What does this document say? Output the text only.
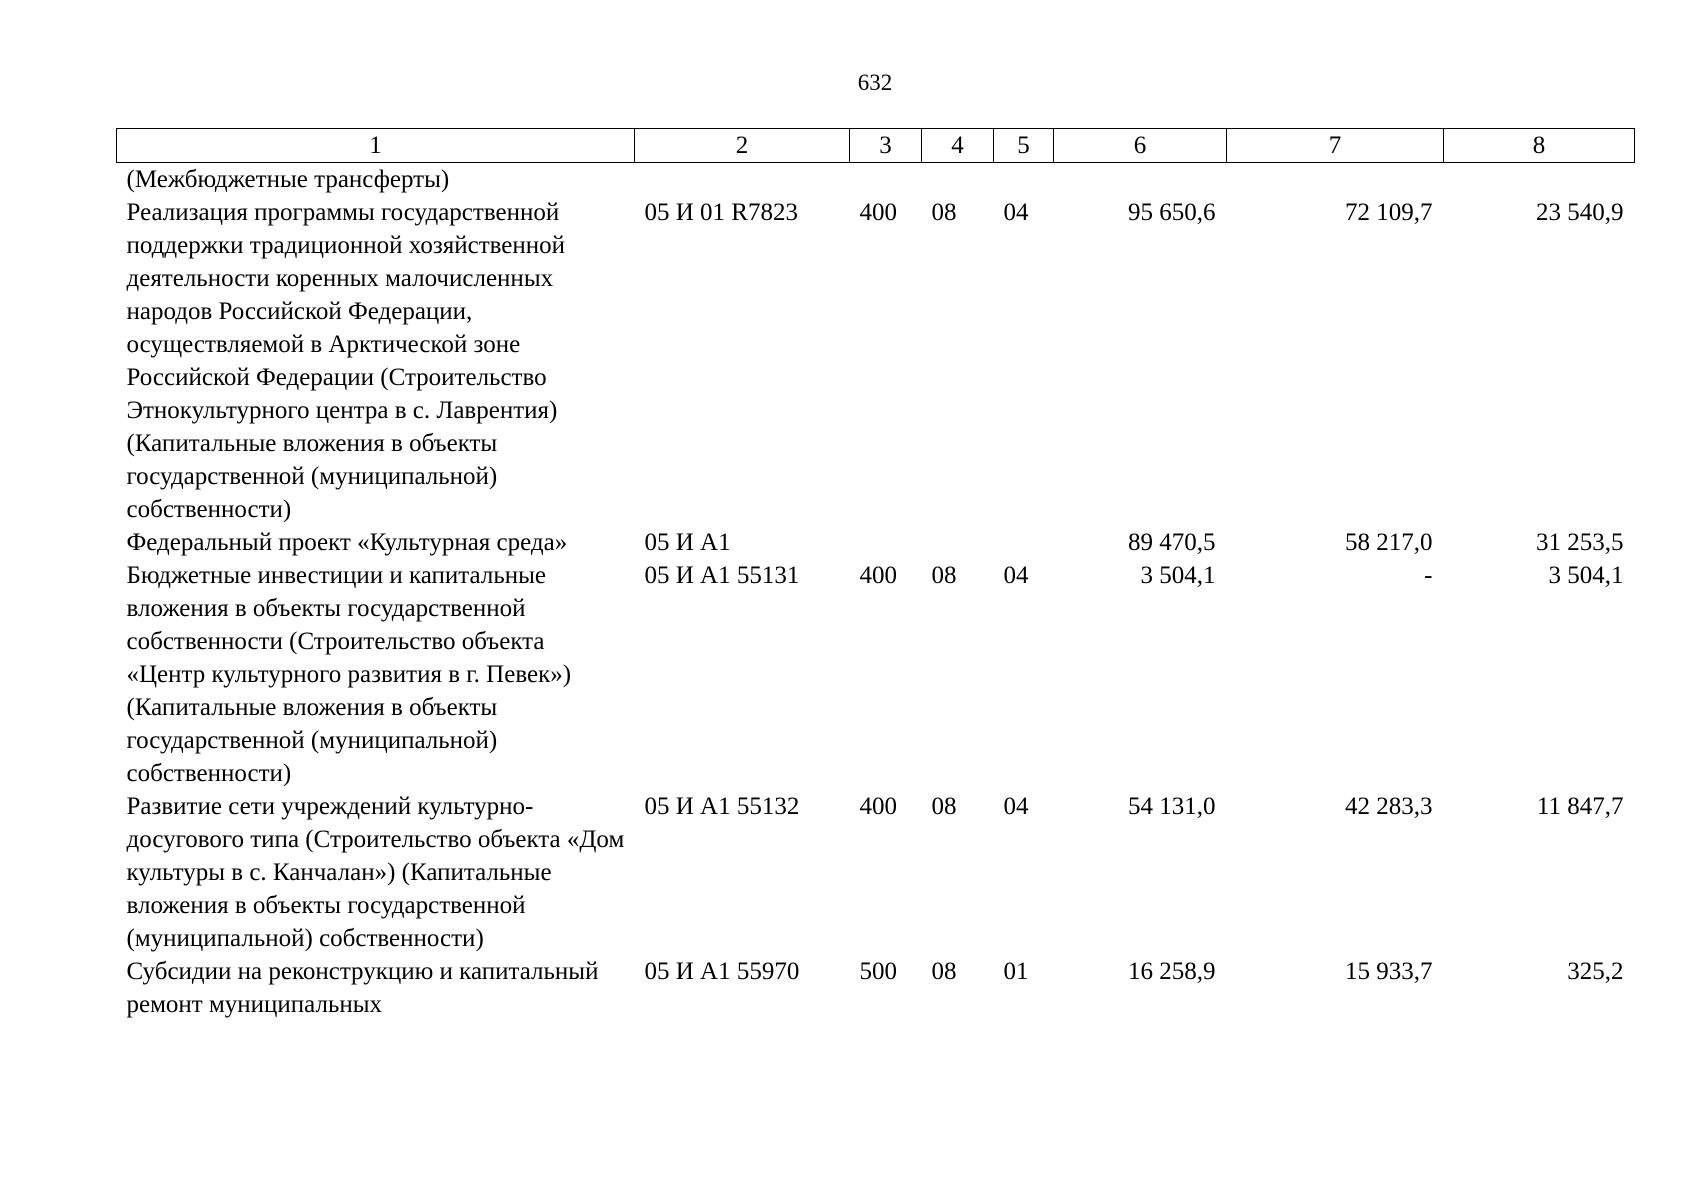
632
1	2	3	4	5	6	7	8
(Межбюджетные трансферты)							
Реализация программы государственной поддержки традиционной хозяйственной деятельности коренных малочисленных народов Российской Федерации, осуществляемой в Арктической зоне Российской Федерации (Строительство Этнокультурного центра в с. Лаврентия) (Капитальные вложения в объекты государственной (муниципальной) собственности)	05 И 01 R7823	400	08	04	95 650,6	72 109,7	23 540,9
Федеральный проект «Культурная среда»	05 И А1				89 470,5	58 217,0	31 253,5
Бюджетные инвестиции и капитальные вложения в объекты государственной собственности (Строительство объекта «Центр культурного развития в г. Певек») (Капитальные вложения в объекты государственной (муниципальной) собственности)	05 И А1 55131	400	08	04	3 504,1	-	3 504,1
Развитие сети учреждений культурно-досугового типа (Строительство объекта «Дом культуры в с. Канчалан») (Капитальные вложения в объекты государственной (муниципальной) собственности)	05 И А1 55132	400	08	04	54 131,0	42 283,3	11 847,7
Субсидии на реконструкцию и капитальный ремонт муниципальных	05 И А1 55970	500	08	01	16 258,9	15 933,7	325,2
